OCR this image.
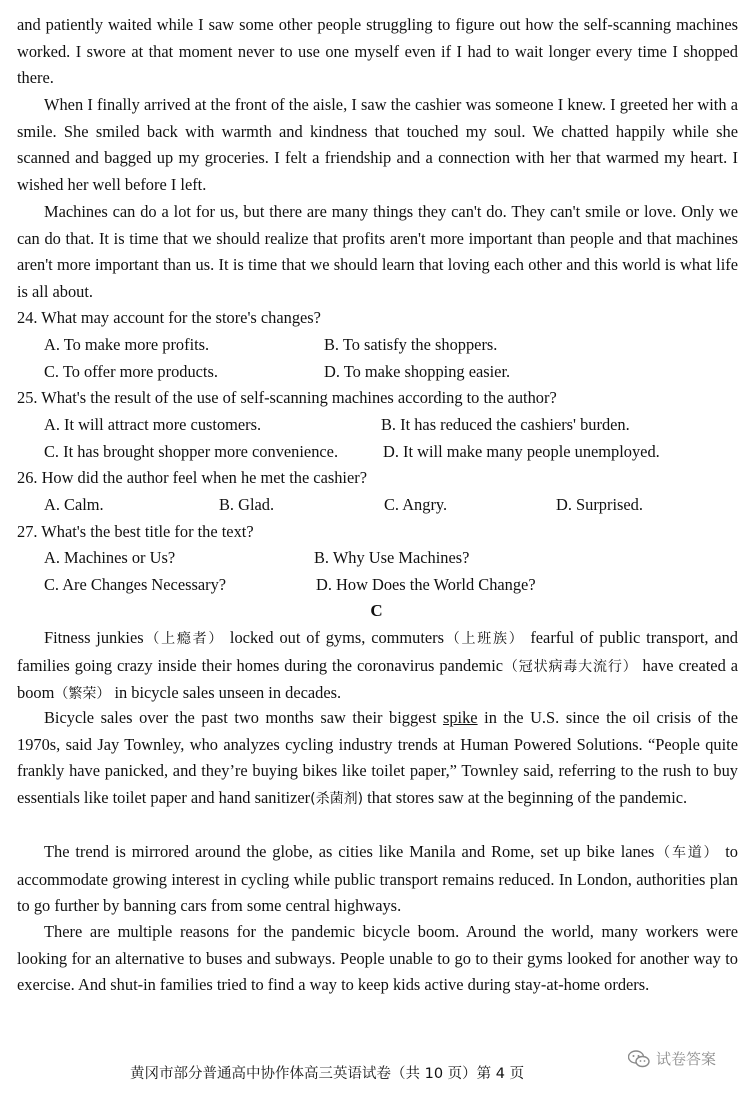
and patiently waited while I saw some other people struggling to figure out how the self-scanning machines worked. I swore at that moment never to use one myself even if I had to wait longer every time I shopped there.

When I finally arrived at the front of the aisle, I saw the cashier was someone I knew. I greeted her with a smile. She smiled back with warmth and kindness that touched my soul. We chatted happily while she scanned and bagged up my groceries. I felt a friendship and a connection with her that warmed my heart. I wished her well before I left.

Machines can do a lot for us, but there are many things they can't do. They can't smile or love. Only we can do that. It is time that we should realize that profits aren't more important than people and that machines aren't more important than us. It is time that we should learn that loving each other and this world is what life is all about.

24. What may account for the store's changes?
A. To make more profits.	B. To satisfy the shoppers.
C. To offer more products.	D. To make shopping easier.
25. What's the result of the use of self-scanning machines according to the author?
A. It will attract more customers.	B. It has reduced the cashiers' burden.
C. It has brought shopper more convenience.	D. It will make many people unemployed.
26. How did the author feel when he met the cashier?
A. Calm.	B. Glad.	C. Angry.	D. Surprised.
27. What's the best title for the text?
A. Machines or Us?	B. Why Use Machines?
C. Are Changes Necessary?	D. How Does the World Change?
C

Fitness junkies（上瘾者） locked out of gyms, commuters（上班族） fearful of public transport, and families going crazy inside their homes during the coronavirus pandemic（冠状病毒大流行） have created a boom（繁荣） in bicycle sales unseen in decades.

Bicycle sales over the past two months saw their biggest spike in the U.S. since the oil crisis of the 1970s, said Jay Townley, who analyzes cycling industry trends at Human Powered Solutions. “People quite frankly have panicked, and they’re buying bikes like toilet paper,” Townley said, referring to the rush to buy essentials like toilet paper and hand sanitizer(杀菌剂) that stores saw at the beginning of the pandemic.

The trend is mirrored around the globe, as cities like Manila and Rome, set up bike lanes（车道） to accommodate growing interest in cycling while public transport remains reduced. In London, authorities plan to go further by banning cars from some central highways.

There are multiple reasons for the pandemic bicycle boom. Around the world, many workers were looking for an alternative to buses and subways. People unable to go to their gyms looked for another way to exercise. And shut-in families tried to find a way to keep kids active during stay-at-home orders.

黄冈市部分普通高中协作体高三英语试卷（共 10 页）第 4 页
试卷答案
